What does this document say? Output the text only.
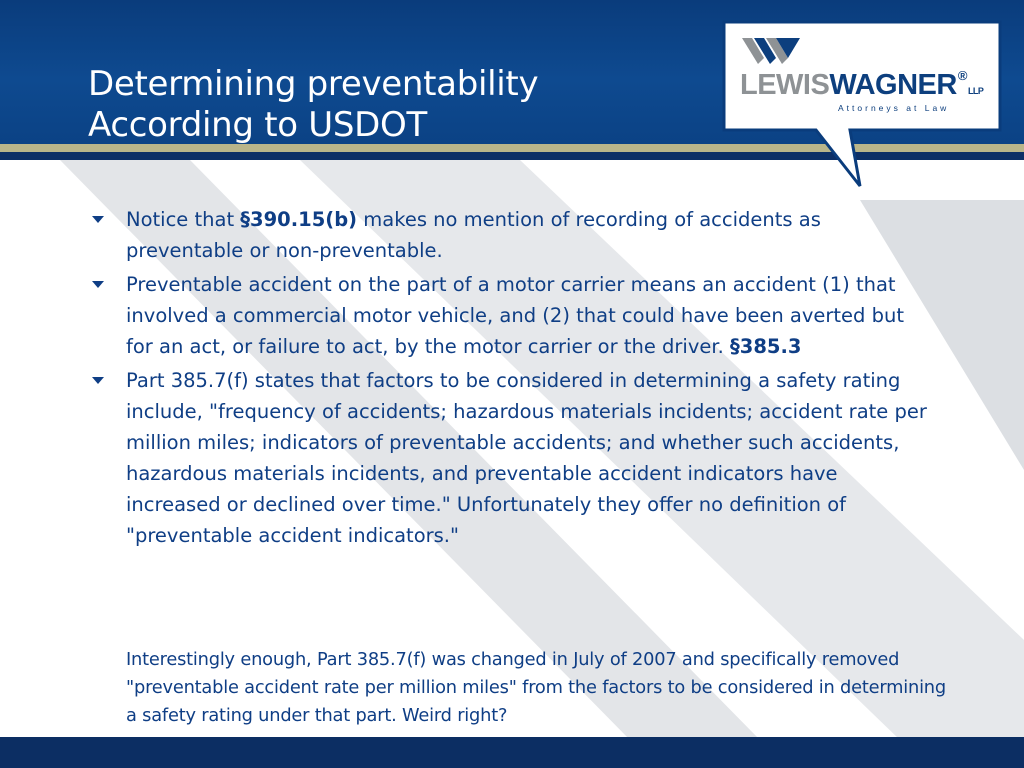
Determining preventability
According to USDOT
LEWISWAGNER®LLP
Attorneys at Law
Notice that §390.15(b) makes no mention of recording of accidents as preventable or non-preventable.
Preventable accident on the part of a motor carrier means an accident (1) that involved a commercial motor vehicle, and (2) that could have been averted but for an act, or failure to act, by the motor carrier or the driver. §385.3
Part 385.7(f) states that factors to be considered in determining a safety rating include, "frequency of accidents; hazardous materials incidents; accident rate per million miles; indicators of preventable accidents; and whether such accidents, hazardous materials incidents, and preventable accident indicators have increased or declined over time." Unfortunately they offer no definition of "preventable accident indicators."

Interestingly enough, Part 385.7(f) was changed in July of 2007 and specifically removed "preventable accident rate per million miles" from the factors to be considered in determining a safety rating under that part. Weird right?
